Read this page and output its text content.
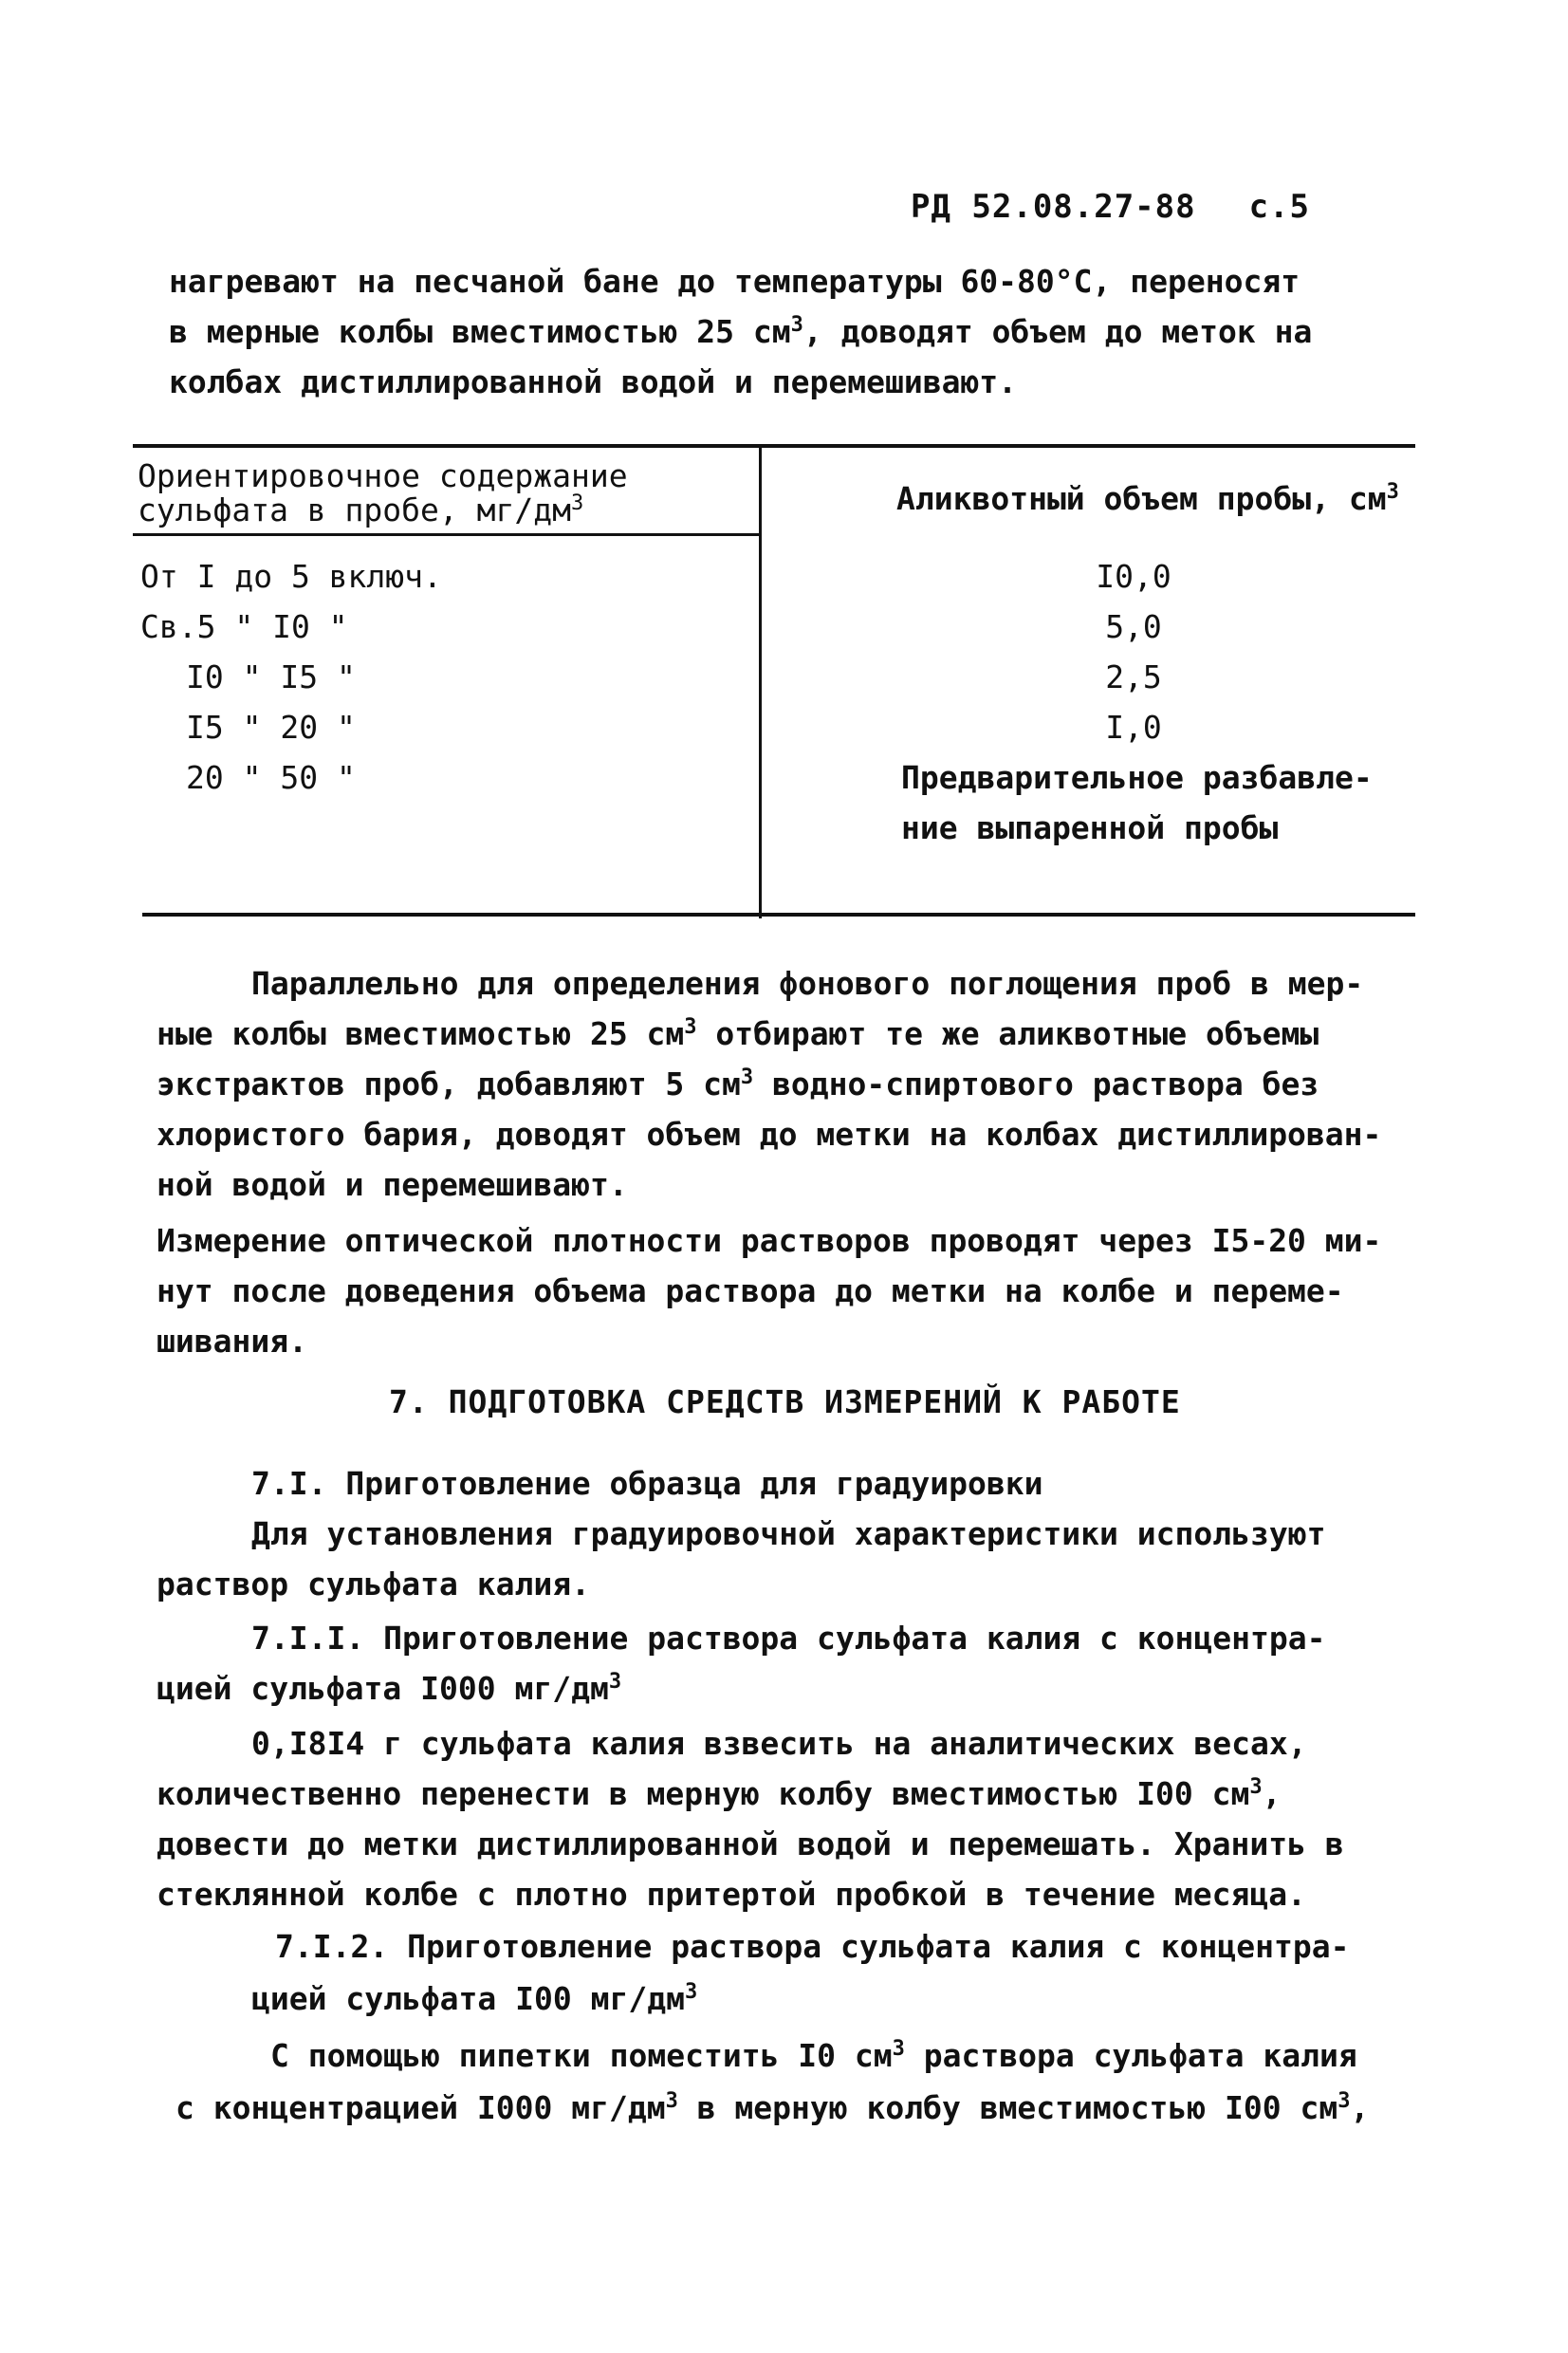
РД 52.08.27-88 с.5
нагревают на песчаной бане до температуры 60-80°С, переносят
в мерные колбы вместимостью 25 $см^3$, доводят объем до меток на
колбах дистиллированной водой и перемешивают.
Ориентировочное содержание
сульфата в пробе, $мг/дм^3$	Аликвотный объем пробы, $см^3$
От I до 5 включ.
Св.5 " I0 "
I0 " I5 "
I5 " 20 "
20 " 50 "
I0,0
5,0
2,5
I,0
Предварительное разбавле-
ние выпаренной пробы
Параллельно для определения фонового поглощения проб в мер-
ные колбы вместимостью 25 $см^3$ отбирают те же аликвотные объемы
экстрактов проб, добавляют 5 $см^3$ водно-спиртового раствора без
хлористого бария, доводят объем до метки на колбах дистиллирован-
ной водой и перемешивают.
Измерение оптической плотности растворов проводят через I5-20 ми-
нут после доведения объема раствора до метки на колбе и переме-
шивания.
7. ПОДГОТОВКА СРЕДСТВ ИЗМЕРЕНИЙ К РАБОТЕ
7.I. Приготовление образца для градуировки
Для установления градуировочной характеристики используют
раствор сульфата калия.
7.I.I. Приготовление раствора сульфата калия с концентра-
цией сульфата I000 $мг/дм^3$
0,I8I4 г сульфата калия взвесить на аналитических весах,
количественно перенести в мерную колбу вместимостью I00 $см^3$,
довести до метки дистиллированной водой и перемешать. Хранить в
стеклянной колбе с плотно притертой пробкой в течение месяца.
7.I.2. Приготовление раствора сульфата калия с концентра-
цией сульфата I00 $мг/дм^3$
С помощью пипетки поместить I0 $см^3$ раствора сульфата калия
с концентрацией I000 $мг/дм^3$ в мерную колбу вместимостью I00 $см^3$,
